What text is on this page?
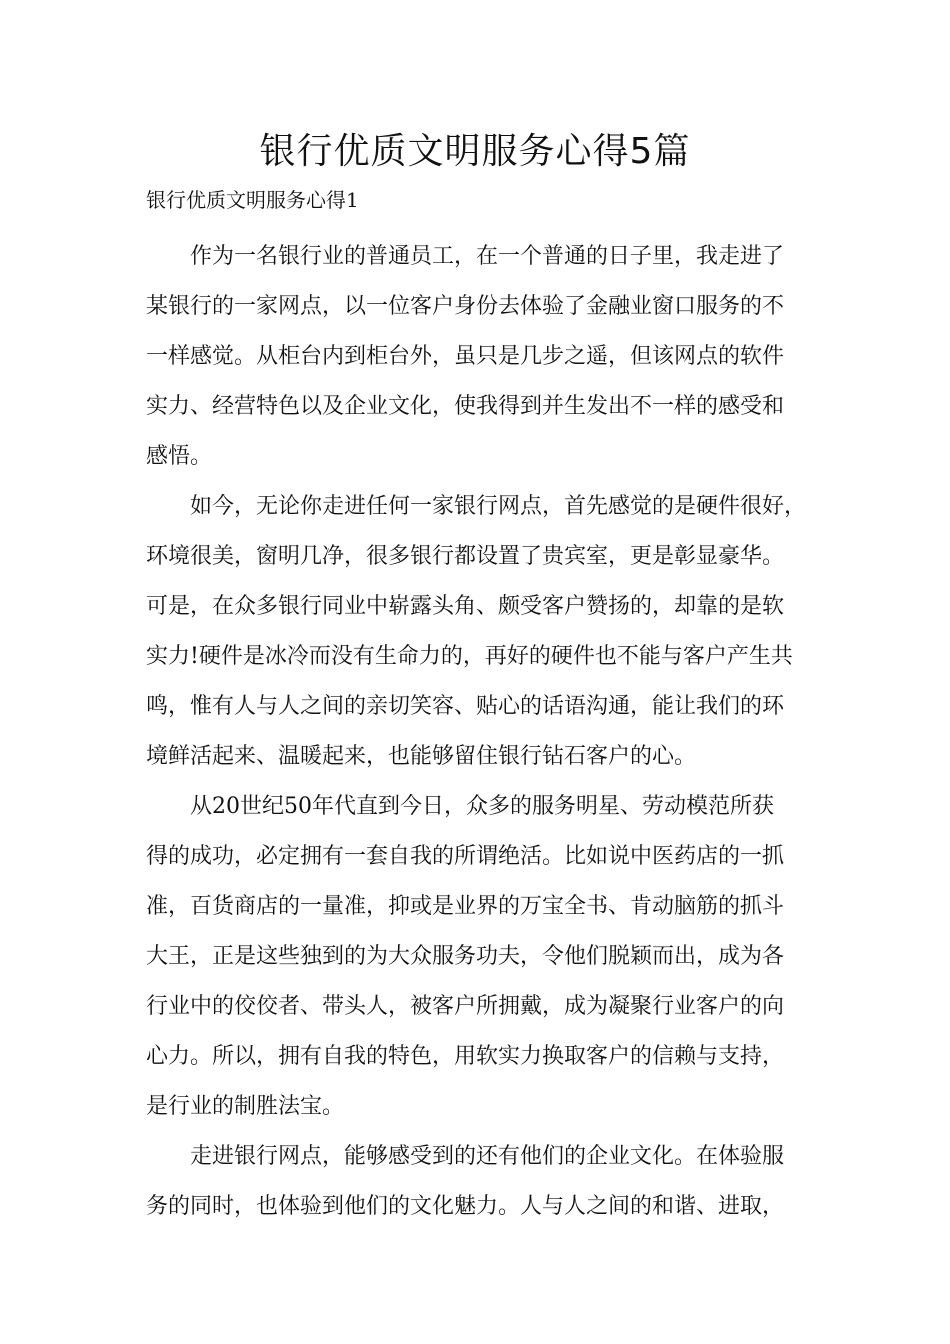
银行优质文明服务心得5篇
银行优质文明服务心得1

作为一名银行业的普通员工，在一个普通的日子里，我走进了
某银行的一家网点，以一位客户身份去体验了金融业窗口服务的不
一样感觉。从柜台内到柜台外，虽只是几步之遥，但该网点的软件
实力、经营特色以及企业文化，使我得到并生发出不一样的感受和
感悟。

如今，无论你走进任何一家银行网点，首先感觉的是硬件很好，
环境很美，窗明几净，很多银行都设置了贵宾室，更是彰显豪华。
可是，在众多银行同业中崭露头角、颇受客户赞扬的，却靠的是软
实力!硬件是冰冷而没有生命力的，再好的硬件也不能与客户产生共
鸣，惟有人与人之间的亲切笑容、贴心的话语沟通，能让我们的环
境鲜活起来、温暖起来，也能够留住银行钻石客户的心。

从20世纪50年代直到今日，众多的服务明星、劳动模范所获
得的成功，必定拥有一套自我的所谓绝活。比如说中医药店的一抓
准，百货商店的一量准，抑或是业界的万宝全书、肯动脑筋的抓斗
大王，正是这些独到的为大众服务功夫，令他们脱颖而出，成为各
行业中的佼佼者、带头人，被客户所拥戴，成为凝聚行业客户的向
心力。所以，拥有自我的特色，用软实力换取客户的信赖与支持，
是行业的制胜法宝。

走进银行网点，能够感受到的还有他们的企业文化。在体验服
务的同时，也体验到他们的文化魅力。人与人之间的和谐、进取，
